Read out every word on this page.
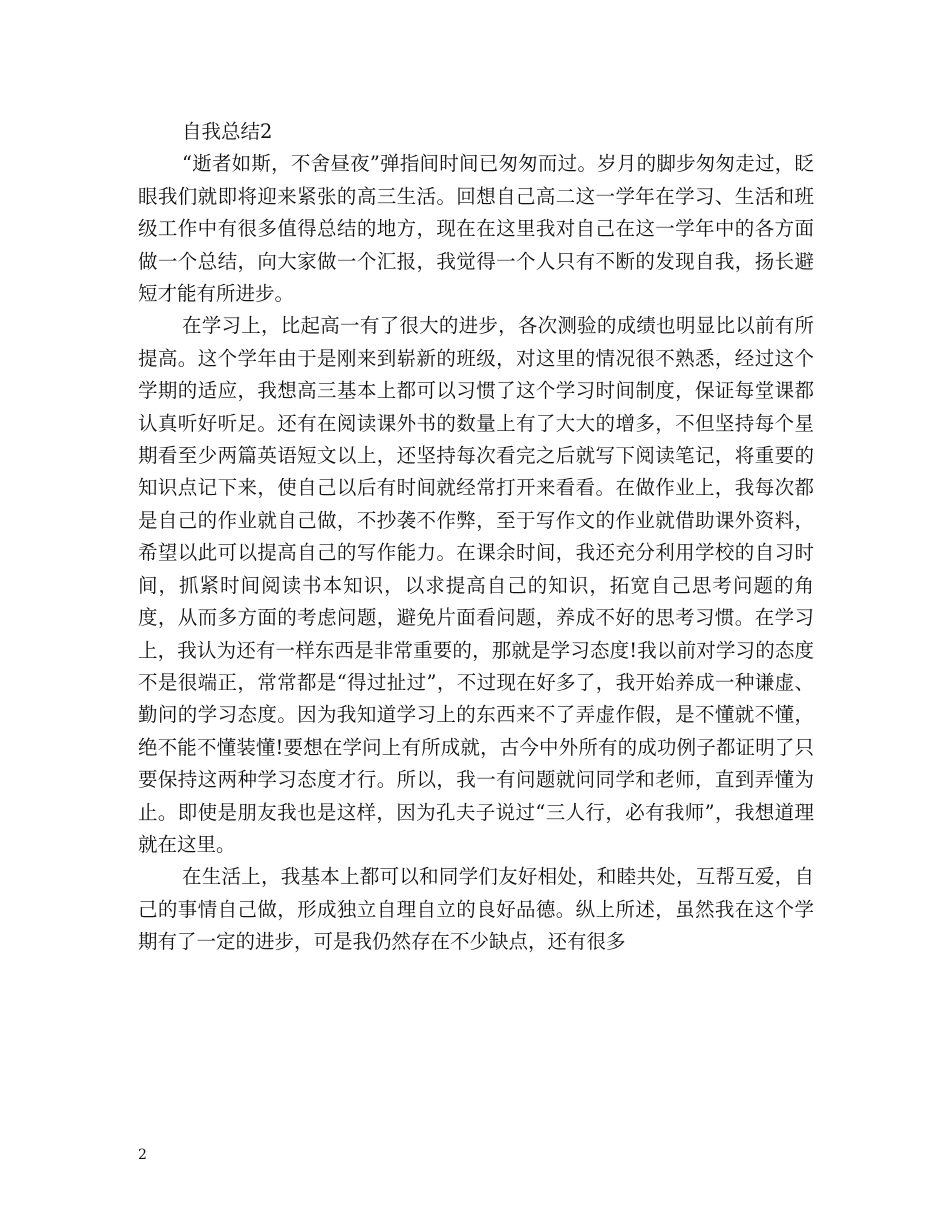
自我总结2

“逝者如斯，不舍昼夜”弹指间时间已匆匆而过。岁月的脚步匆匆走过，眨眼我们就即将迎来紧张的高三生活。回想自己高二这一学年在学习、生活和班级工作中有很多值得总结的地方，现在在这里我对自己在这一学年中的各方面做一个总结，向大家做一个汇报，我觉得一个人只有不断的发现自我，扬长避短才能有所进步。

在学习上，比起高一有了很大的进步，各次测验的成绩也明显比以前有所提高。这个学年由于是刚来到崭新的班级，对这里的情况很不熟悉，经过这个学期的适应，我想高三基本上都可以习惯了这个学习时间制度，保证每堂课都认真听好听足。还有在阅读课外书的数量上有了大大的增多，不但坚持每个星期看至少两篇英语短文以上，还坚持每次看完之后就写下阅读笔记，将重要的知识点记下来，使自己以后有时间就经常打开来看看。在做作业上，我每次都是自己的作业就自己做，不抄袭不作弊，至于写作文的作业就借助课外资料，希望以此可以提高自己的写作能力。在课余时间，我还充分利用学校的自习时间，抓紧时间阅读书本知识，以求提高自己的知识，拓宽自己思考问题的角度，从而多方面的考虑问题，避免片面看问题，养成不好的思考习惯。在学习上，我认为还有一样东西是非常重要的，那就是学习态度!我以前对学习的态度不是很端正，常常都是“得过扯过”，不过现在好多了，我开始养成一种谦虚、勤问的学习态度。因为我知道学习上的东西来不了弄虚作假，是不懂就不懂，绝不能不懂装懂!要想在学问上有所成就，古今中外所有的成功例子都证明了只要保持这两种学习态度才行。所以，我一有问题就问同学和老师，直到弄懂为止。即使是朋友我也是这样，因为孔夫子说过“三人行，必有我师”，我想道理就在这里。

在生活上，我基本上都可以和同学们友好相处，和睦共处，互帮互爱，自己的事情自己做，形成独立自理自立的良好品德。纵上所述，虽然我在这个学期有了一定的进步，可是我仍然存在不少缺点，还有很多

2
